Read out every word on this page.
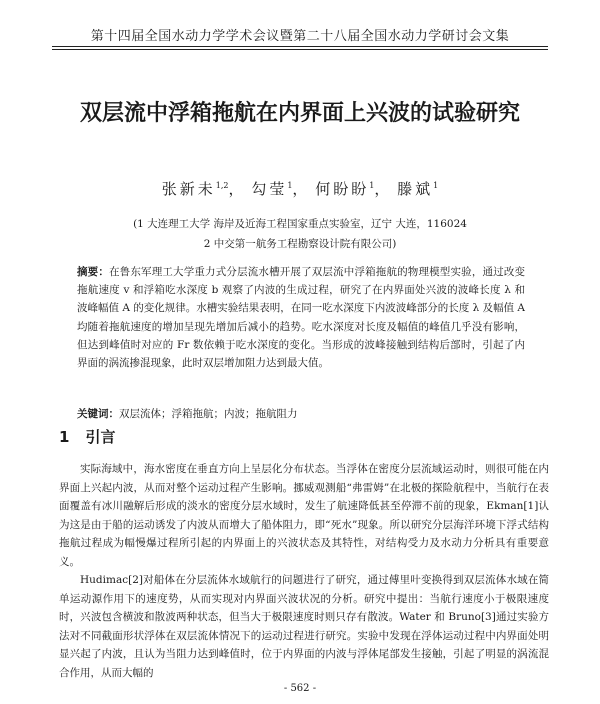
第十四届全国水动力学学术会议暨第二十八届全国水动力学研讨会文集
双层流中浮箱拖航在内界面上兴波的试验研究
张新未$^{1,2}$， 勾莹$^1$， 何盼盼$^1$， 滕斌$^1$
(1 大连理工大学 海岸及近海工程国家重点实验室，辽宁 大连，116024
2 中交第一航务工程勘察设计院有限公司)
摘要：在鲁东军理工大学重力式分层流水槽开展了双层流中浮箱拖航的物理模型实验，通过改变拖航速度 v 和浮箱吃水深度 b 观察了内波的生成过程，研究了在内界面处兴波的波峰长度 λ 和波峰幅值 A 的变化规律。水槽实验结果表明，在同一吃水深度下内波波峰部分的长度 λ 及幅值 A 均随着拖航速度的增加呈现先增加后减小的趋势。吃水深度对长度及幅值的峰值几乎没有影响，但达到峰值时对应的 Fr 数依赖于吃水深度的变化。当形成的波峰接触到结构后部时，引起了内界面的涡流掺混现象，此时双层增加阻力达到最大值。
关键词：双层流体；浮箱拖航；内波；拖航阻力
1 引言

实际海域中，海水密度在垂直方向上呈层化分布状态。当浮体在密度分层流域运动时，则很可能在内界面上兴起内波，从而对整个运动过程产生影响。挪威观测船“弗雷姆”在北极的探险航程中，当航行在表面覆盖有冰川融解后形成的淡水的密度分层水域时，发生了航速降低甚至停滞不前的现象，Ekman[1]认为这是由于船的运动诱发了内波从而增大了船体阻力，即“死水”现象。所以研究分层海洋环境下浮式结构拖航过程成为幅慢爆过程所引起的内界面上的兴波状态及其特性，对结构受力及水动力分析具有重要意义。

Hudimac[2]对船体在分层流体水域航行的问题进行了研究，通过傅里叶变换得到双层流体水域在简单运动源作用下的速度势，从而实现对内界面兴波状况的分析。研究中提出：当航行速度小于极限速度时，兴波包含横波和散波两种状态，但当大于极限速度时则只存有散波。Water 和 Bruno[3]通过实验方法对不同截面形状浮体在双层流体情况下的运动过程进行研究。实验中发现在浮体运动过程中内界面处明显兴起了内波，且认为当阻力达到峰值时，位于内界面的内波与浮体尾部发生接触，引起了明显的涡流混合作用，从而大幅的

- 562 -
